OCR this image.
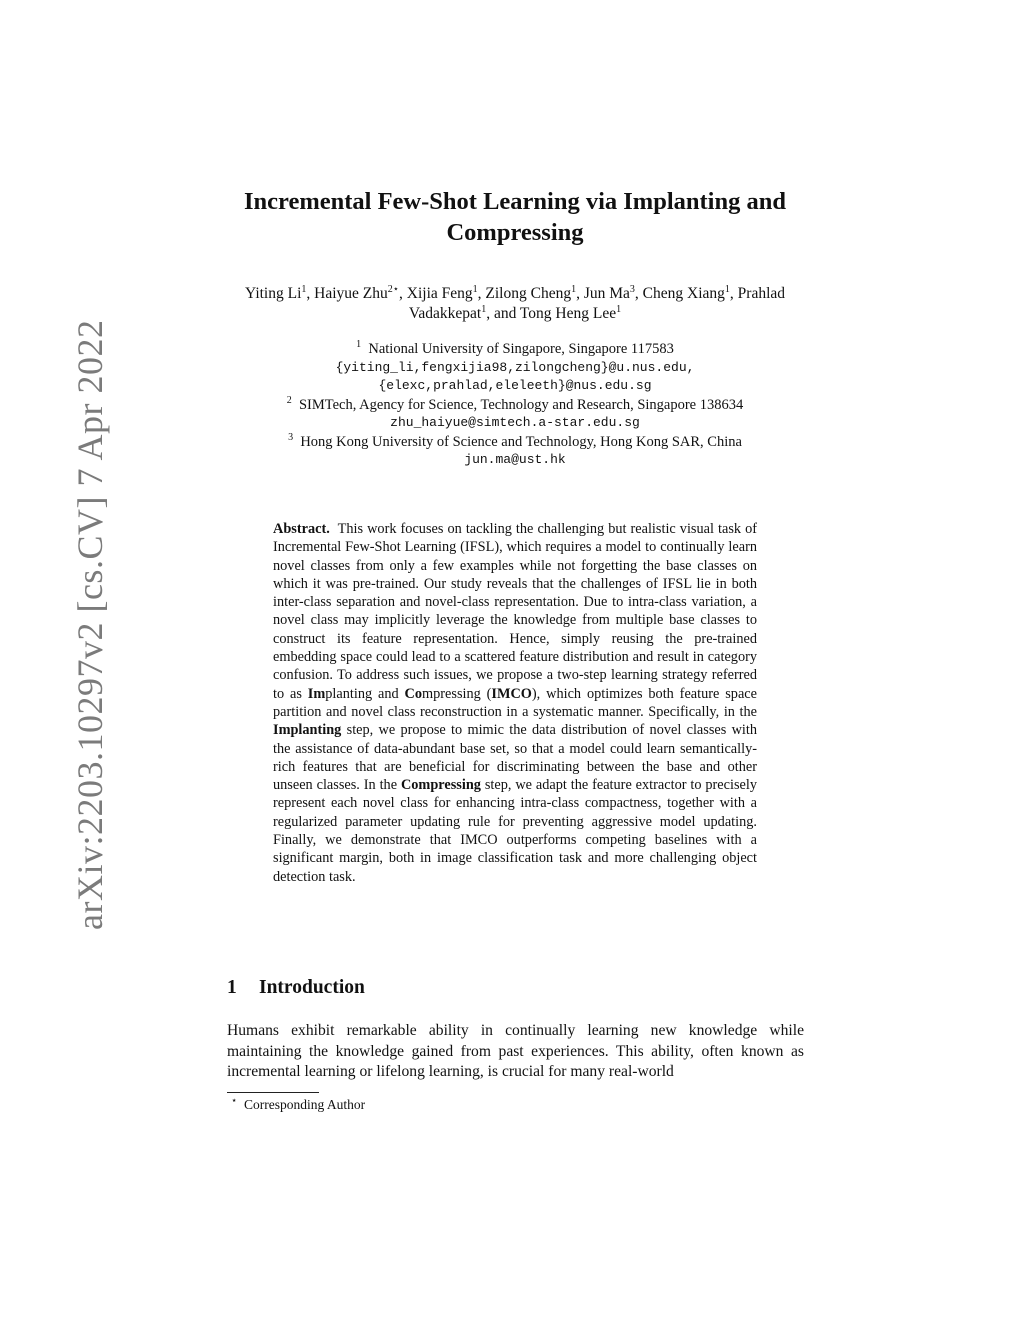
arXiv:2203.10297v2 [cs.CV] 7 Apr 2022
Incremental Few-Shot Learning via Implanting and Compressing
Yiting Li$^1$, Haiyue Zhu$^{2⋆}$, Xijia Feng$^1$, Zilong Cheng$^1$, Jun Ma$^3$, Cheng Xiang$^1$, Prahlad Vadakkepat$^1$, and Tong Heng Lee$^1$
$^1$ National University of Singapore, Singapore 117583
{yiting_li,fengxijia98,zilongcheng}@u.nus.edu,
{elexc,prahlad,eleleeth}@nus.edu.sg
$^2$ SIMTech, Agency for Science, Technology and Research, Singapore 138634
zhu_haiyue@simtech.a-star.edu.sg
$^3$ Hong Kong University of Science and Technology, Hong Kong SAR, China
jun.ma@ust.hk
Abstract. This work focuses on tackling the challenging but realistic visual task of Incremental Few-Shot Learning (IFSL), which requires a model to continually learn novel classes from only a few examples while not forgetting the base classes on which it was pre-trained. Our study reveals that the challenges of IFSL lie in both inter-class separation and novel-class representation. Due to intra-class variation, a novel class may implicitly leverage the knowledge from multiple base classes to construct its feature representation. Hence, simply reusing the pre-trained embedding space could lead to a scattered feature distribution and result in category confusion. To address such issues, we propose a two-step learning strategy referred to as Implanting and Compressing (IMCO), which optimizes both feature space partition and novel class reconstruction in a systematic manner. Specifically, in the Implanting step, we propose to mimic the data distribution of novel classes with the assistance of data-abundant base set, so that a model could learn semantically-rich features that are beneficial for discriminating between the base and other unseen classes. In the Compressing step, we adapt the feature extractor to precisely represent each novel class for enhancing intra-class compactness, together with a regularized parameter updating rule for preventing aggressive model updating. Finally, we demonstrate that IMCO outperforms competing baselines with a significant margin, both in image classification task and more challenging object detection task.
1 Introduction

Humans exhibit remarkable ability in continually learning new knowledge while maintaining the knowledge gained from past experiences. This ability, often known as incremental learning or lifelong learning, is crucial for many real-world

⋆ Corresponding Author
